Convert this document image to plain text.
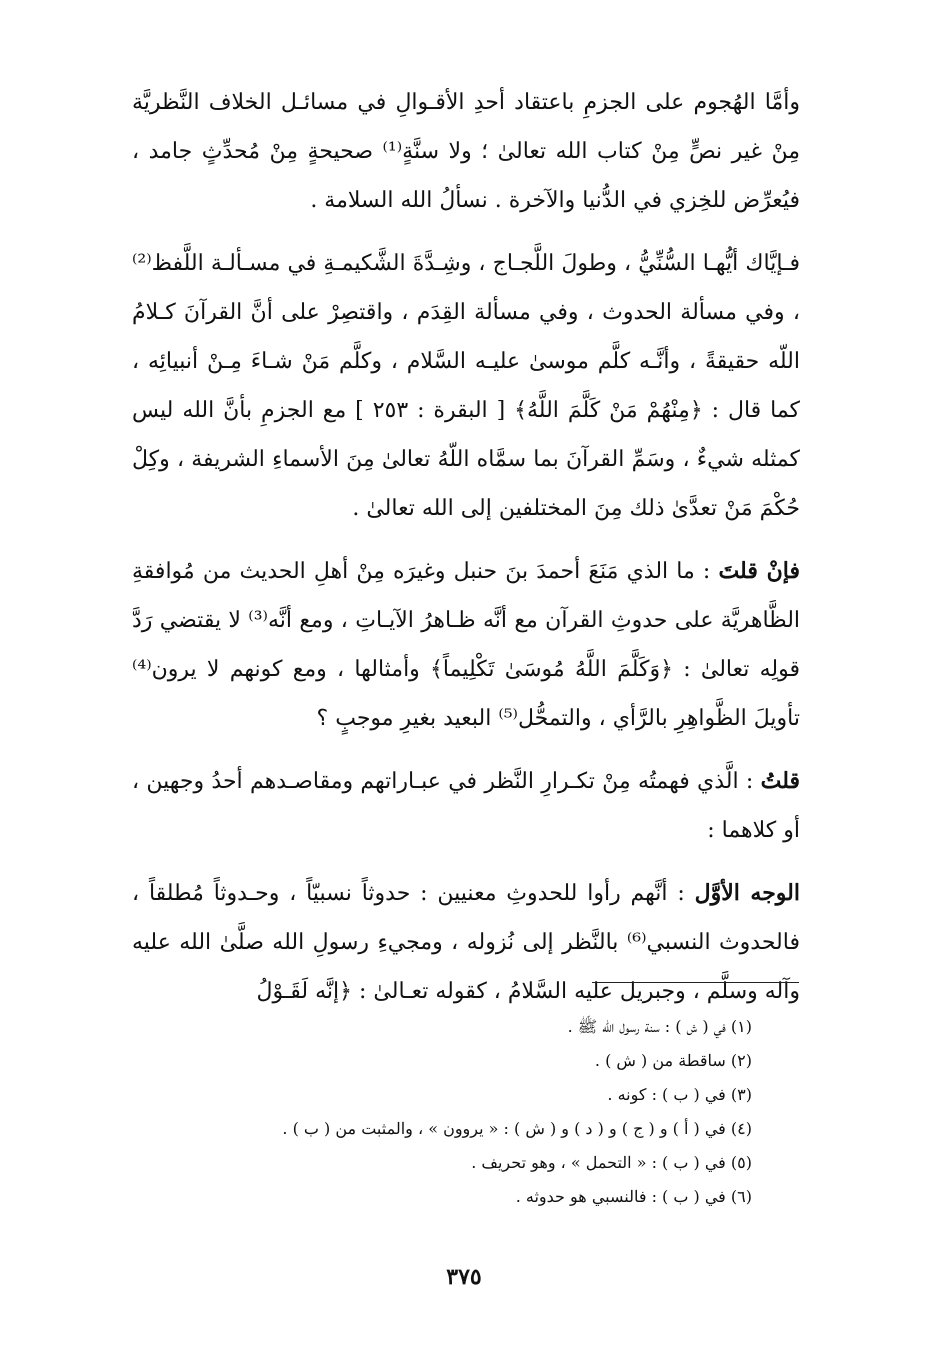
وأمَّا الهُجوم على الجزمِ باعتقاد أحدِ الأقـوالِ في مسائـل الخلاف النَّظريَّة مِنْ غير نصٍّ مِنْ كتاب الله تعالىٰ ؛ ولا سنَّةٍ⁽¹⁾ صحيحةٍ مِنْ مُحدِّثٍ جامد ، فيُعرِّض للخِزي في الدُّنيا والآخرة . نسألُ الله السلامة .

فـإيَّاك أيُّهـا السُّنِّيُّ ، وطولَ اللَّجـاج ، وشِـدَّةَ الشَّكيمـةِ في مسـألـة اللَّفظ⁽²⁾ ، وفي مسألة الحدوث ، وفي مسألة القِدَم ، واقتصِرْ على أنَّ القرآنَ كـلامُ اللّه حقيقةً ، وأنَّـه كلَّم موسىٰ عليـه السَّلام ، وكلَّم مَنْ شـاءَ مِـنْ أنبيائِه ، كما قال : ﴿مِنْهُمْ مَنْ كَلَّمَ اللَّهُ﴾ [ البقرة : ٢٥٣ ] مع الجزمِ بأنَّ الله ليس كمثله شيءٌ ، وسَمِّ القرآنَ بما سمَّاه اللّهُ تعالىٰ مِنَ الأسماءِ الشريفة ، وكِلْ حُكْمَ مَنْ تعدَّىٰ ذلك مِنَ المختلفين إلى الله تعالىٰ .

فإنْ قلتَ : ما الذي مَنَعَ أحمدَ بنَ حنبل وغيرَه مِنْ أهلِ الحديث من مُوافقةِ الظَّاهريَّة على حدوثِ القرآن مع أنَّه ظـاهرُ الآيـاتِ ، ومع أنَّه⁽³⁾ لا يقتضي رَدَّ قولِه تعالىٰ : ﴿وَكَلَّمَ اللَّهُ مُوسَىٰ تَكْلِيماً﴾ وأمثالها ، ومع كونهم لا يرون⁽⁴⁾ تأويلَ الظَّواهِرِ بالرَّأي ، والتمحُّل⁽⁵⁾ البعيد بغيرِ موجبٍ ؟

قلتُ : الَّذي فهمتُه مِنْ تكـرارِ النَّظر في عبـاراتهم ومقاصـدهم أحدُ وجهين ، أو كلاهما :

الوجه الأوَّل : أنَّهم رأوا للحدوثِ معنيين : حدوثاً نسبيّاً ، وحـدوثاً مُطلقاً ، فالحدوث النسبي⁽⁶⁾ بالنَّظر إلى نُزوله ، ومجيءِ رسولِ الله صلَّىٰ الله عليه وآله وسلَّم ، وجبريل عليه السَّلامُ ، كقوله تعـالىٰ : ﴿إنَّه لَقَـوْلُ

(١) في ( ش ) : سنة رسول الله ﷺ .

(٢) ساقطة من ( ش ) .

(٣) في ( ب ) : كونه .

(٤) في ( أ ) و ( ج ) و ( د ) و ( ش ) : « يروون » ، والمثبت من ( ب ) .

(٥) في ( ب ) : « التحمل » ، وهو تحريف .

(٦) في ( ب ) : فالنسبي هو حدوثه .

٣٧٥
